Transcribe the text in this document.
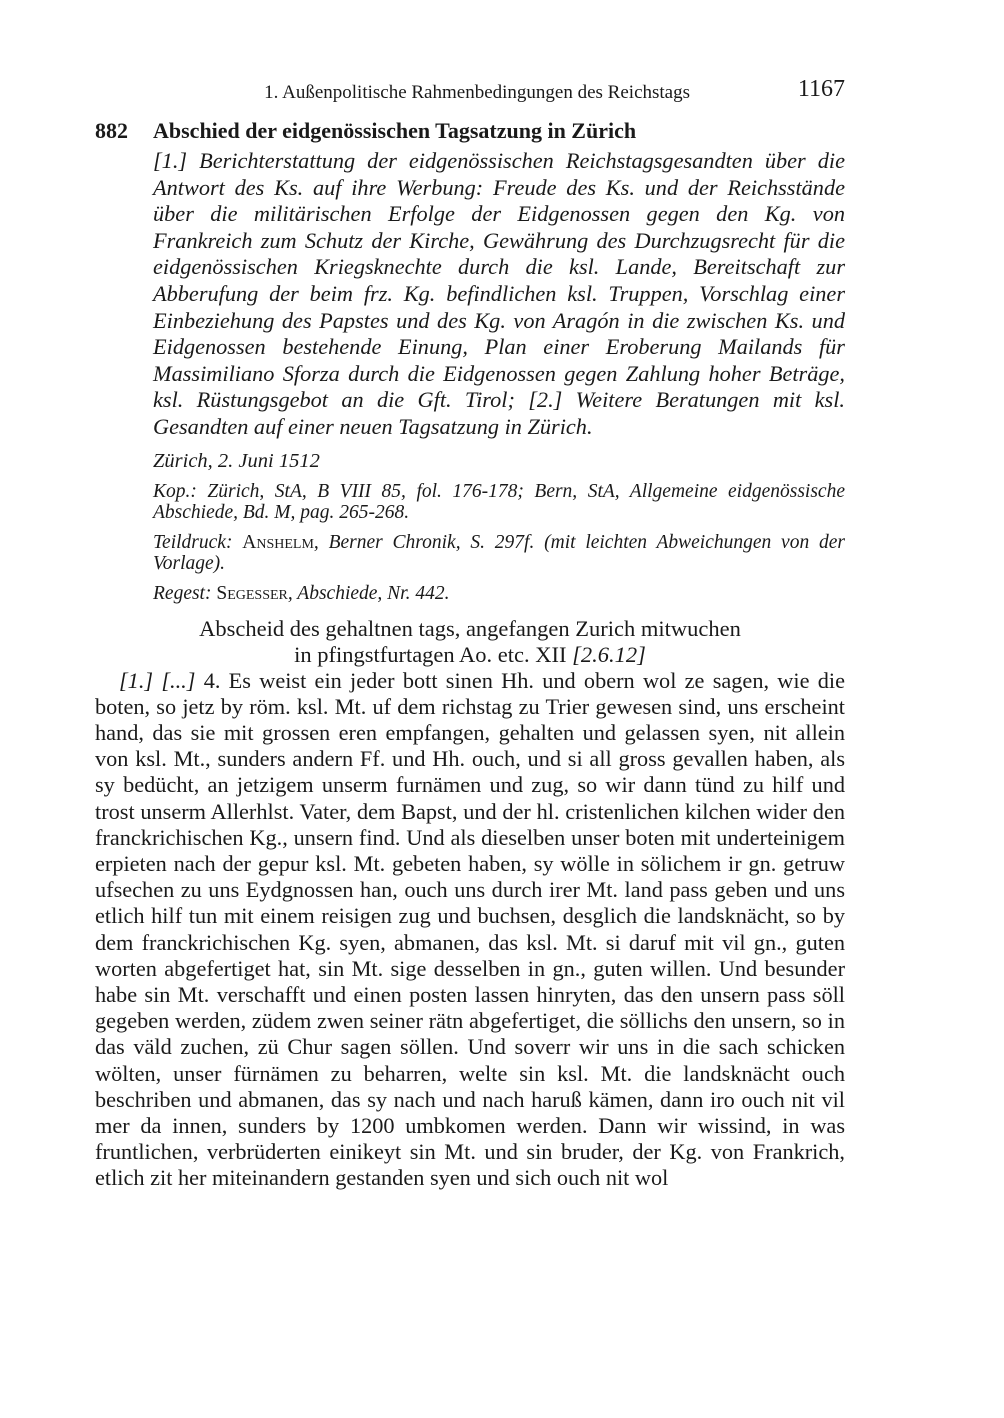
1. Außenpolitische Rahmenbedingungen des Reichstags	1167
882	Abschied der eidgenössischen Tagsatzung in Zürich
[1.] Berichterstattung der eidgenössischen Reichstagsgesandten über die Antwort des Ks. auf ihre Werbung: Freude des Ks. und der Reichsstände über die militärischen Erfolge der Eidgenossen gegen den Kg. von Frankreich zum Schutz der Kirche, Gewährung des Durchzugsrecht für die eidgenössischen Kriegsknechte durch die ksl. Lande, Bereitschaft zur Abberufung der beim frz. Kg. befindlichen ksl. Truppen, Vorschlag einer Einbeziehung des Papstes und des Kg. von Aragón in die zwischen Ks. und Eidgenossen bestehende Einung, Plan einer Eroberung Mailands für Massimiliano Sforza durch die Eidgenossen gegen Zahlung hoher Beträge, ksl. Rüstungsgebot an die Gft. Tirol; [2.] Weitere Beratungen mit ksl. Gesandten auf einer neuen Tagsatzung in Zürich.
Zürich, 2. Juni 1512
Kop.: Zürich, StA, B VIII 85, fol. 176-178; Bern, StA, Allgemeine eidgenössische Abschiede, Bd. M, pag. 265-268.
Teildruck: Anshelm, Berner Chronik, S. 297f. (mit leichten Abweichungen von der Vorlage).
Regest: Segesser, Abschiede, Nr. 442.
Abscheid des gehaltnen tags, angefangen Zurich mitwuchen
in pfingstfurtagen Ao. etc. XII [2.6.12]

[1.] [...] 4. Es weist ein jeder bott sinen Hh. und obern wol ze sagen, wie die boten, so jetz by röm. ksl. Mt. uf dem richstag zu Trier gewesen sind, uns erscheint hand, das sie mit grossen eren empfangen, gehalten und gelassen syen, nit allein von ksl. Mt., sunders andern Ff. und Hh. ouch, und si all gross gevallen haben, als sy bedücht, an jetzigem unserm furnämen und zug, so wir dann tünd zu hilf und trost unserm Allerhlst. Vater, dem Bapst, und der hl. cristenlichen kilchen wider den franckrichischen Kg., unsern find. Und als dieselben unser boten mit underteinigem erpieten nach der gepur ksl. Mt. gebeten haben, sy wölle in sölichem ir gn. getruw ufsechen zu uns Eydgnossen han, ouch uns durch irer Mt. land pass geben und uns etlich hilf tun mit einem reisigen zug und buchsen, desglich die landsknächt, so by dem franckrichischen Kg. syen, abmanen, das ksl. Mt. si daruf mit vil gn., guten worten abgefertiget hat, sin Mt. sige desselben in gn., guten willen. Und besunder habe sin Mt. verschafft und einen posten lassen hinryten, das den unsern pass söll gegeben werden, züdem zwen seiner rätn abgefertiget, die söllichs den unsern, so in das väld zuchen, zü Chur sagen söllen. Und soverr wir uns in die sach schicken wölten, unser fürnämen zu beharren, welte sin ksl. Mt. die landsknächt ouch beschriben und abmanen, das sy nach und nach haruß kämen, dann iro ouch nit vil mer da innen, sunders by 1200 umbkomen werden. Dann wir wissind, in was fruntlichen, verbrüderten einikeyt sin Mt. und sin bruder, der Kg. von Frankrich, etlich zit her miteinandern gestanden syen und sich ouch nit wol
